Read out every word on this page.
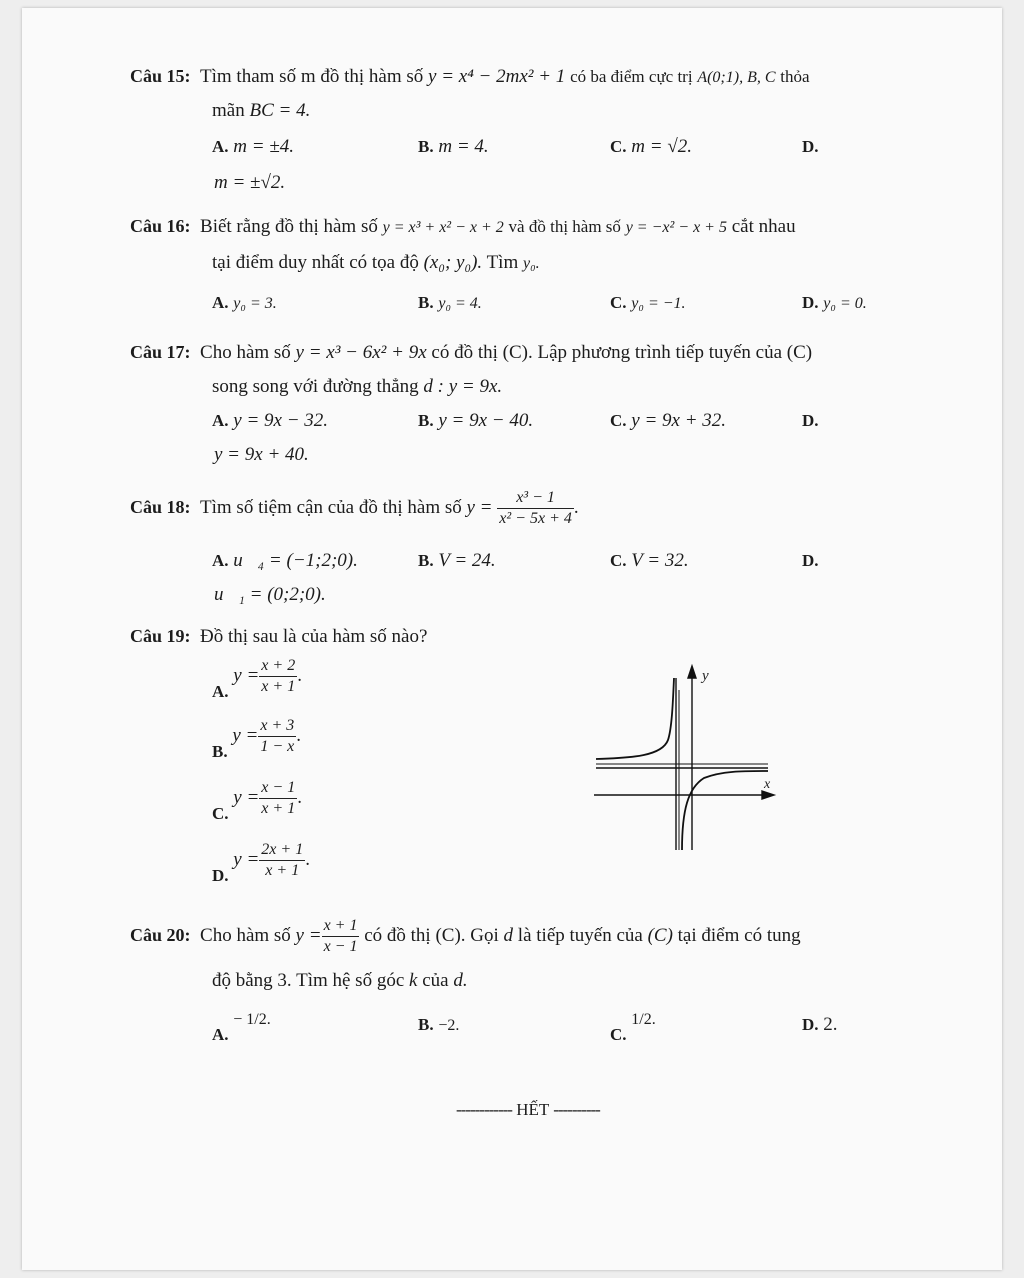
Câu 15: Tìm tham số m đồ thị hàm số y = x⁴ − 2mx² + 1 có ba điểm cực trị A(0;1), B, C thỏa
mãn BC = 4.
A. m = ±4.	B. m = 4.	C. m = √2.	D.
m = ±√2.
Câu 16: Biết rằng đồ thị hàm số y = x³ + x² − x + 2 và đồ thị hàm số y = −x² − x + 5 cắt nhau
tại điểm duy nhất có tọa độ (x₀; y₀). Tìm y₀.
A. y₀ = 3.	B. y₀ = 4.	C. y₀ = −1.	D. y₀ = 0.
Câu 17: Cho hàm số y = x³ − 6x² + 9x có đồ thị (C). Lập phương trình tiếp tuyến của (C)
song song với đường thẳng d : y = 9x.
A. y = 9x − 32.	B. y = 9x − 40.	C. y = 9x + 32.	D.
y = 9x + 40.
Câu 18: Tìm số tiệm cận của đồ thị hàm số $y = \frac{\text{x³ − 1}}{\text{x² − 5x + 4}}$ .
A. u⃗₄ = (−1;2;0).	B. V = 24.	C. V = 32.	D.
u⃗₁ = (0;2;0).
Câu 19: Đồ thị sau là của hàm số nào?
A. $y = \frac{x + 2}{x + 1}$ .
B. $y = \frac{x + 3}{1 - x}$ .
C. $y = \frac{x - 1}{x + 1}$ .
D. $y = \frac{2x + 1}{x + 1}$ .
y
x
Câu 20: Cho hàm số $y = \frac{x + 1}{x - 1}$ có đồ thị (C). Gọi d là tiếp tuyến của (C) tại điểm có tung
độ bằng 3. Tìm hệ số góc k của d.
A. − 1/2.	B. −2.	C. 1/2.	D. 2.
------------ HẾT ----------
